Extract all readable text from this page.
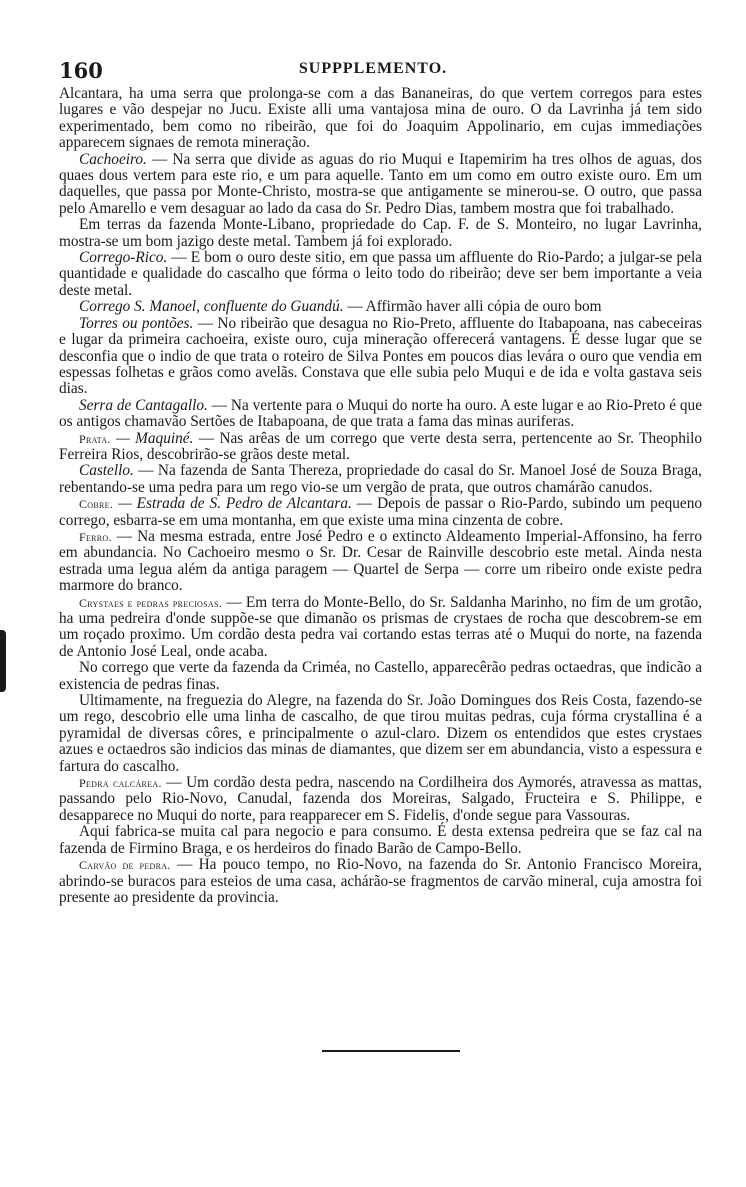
160	SUPPPLEMENTO.

Alcantara, ha uma serra que prolonga-se com a das Bananeiras, do que vertem corregos para estes lugares e vão despejar no Jucu. Existe alli uma vantajosa mina de ouro. O da Lavrinha já tem sido experimentado, bem como no ribeirão, que foi do Joaquim Appolinario, em cujas immediações apparecem signaes de remota mineração.

Cachoeiro. — Na serra que divide as aguas do rio Muqui e Itapemirim ha tres olhos de aguas, dos quaes dous vertem para este rio, e um para aquelle. Tanto em um como em outro existe ouro. Em um daquelles, que passa por Monte-Christo, mostra-se que antigamente se minerou-se. O outro, que passa pelo Amarello e vem desaguar ao lado da casa do Sr. Pedro Dias, tambem mostra que foi trabalhado.

Em terras da fazenda Monte-Libano, propriedade do Cap. F. de S. Monteiro, no lugar Lavrinha, mostra-se um bom jazigo deste metal. Tambem já foi explorado.

Corrego-Rico. — E bom o ouro deste sitio, em que passa um affluente do Rio-Pardo; a julgar-se pela quantidade e qualidade do cascalho que fórma o leito todo do ribeirão; deve ser bem importante a veia deste metal.

Corrego S. Manoel, confluente do Guandú. — Affirmão haver alli cópia de ouro bom

Torres ou pontões. — No ribeirão que desagua no Rio-Preto, affluente do Itabapoana, nas cabeceiras e lugar da primeira cachoeira, existe ouro, cuja mineração offerecerá vantagens. É desse lugar que se desconfia que o indio de que trata o roteiro de Silva Pontes em poucos dias levára o ouro que vendia em espessas folhetas e grãos como avelãs. Constava que elle subia pelo Muqui e de ida e volta gastava seis dias.

Serra de Cantagallo. — Na vertente para o Muqui do norte ha ouro. A este lugar e ao Rio-Preto é que os antigos chamavão Sertões de Itabapoana, de que trata a fama das minas auriferas.

Prata. — Maquiné. — Nas arêas de um corrego que verte desta serra, pertencente ao Sr. Theophilo Ferreira Rios, descobrirão-se grãos deste metal.

Castello. — Na fazenda de Santa Thereza, propriedade do casal do Sr. Manoel José de Souza Braga, rebentando-se uma pedra para um rego vio-se um vergão de prata, que outros chamárão canudos.

Cobre. — Estrada de S. Pedro de Alcantara. — Depois de passar o Rio-Pardo, subindo um pequeno corrego, esbarra-se em uma montanha, em que existe uma mina cinzenta de cobre.

Ferro. — Na mesma estrada, entre José Pedro e o extincto Aldeamento Imperial-Affonsino, ha ferro em abundancia. No Cachoeiro mesmo o Sr. Dr. Cesar de Rainville descobrio este metal. Ainda nesta estrada uma legua além da antiga paragem — Quartel de Serpa — corre um ribeiro onde existe pedra marmore do branco.

Crystaes e pedras preciosas. — Em terra do Monte-Bello, do Sr. Saldanha Marinho, no fim de um grotão, ha uma pedreira d'onde suppõe-se que dimanão os prismas de crystaes de rocha que descobrem-se em um roçado proximo. Um cordão desta pedra vai cortando estas terras até o Muqui do norte, na fazenda de Antonio José Leal, onde acaba.

No corrego que verte da fazenda da Criméa, no Castello, apparecêrão pedras octaedras, que indicão a existencia de pedras finas.

Ultimamente, na freguezia do Alegre, na fazenda do Sr. João Domingues dos Reis Costa, fazendo-se um rego, descobrio elle uma linha de cascalho, de que tirou muitas pedras, cuja fórma crystallina é a pyramidal de diversas côres, e principalmente o azul-claro. Dizem os entendidos que estes crystaes azues e octaedros são indicios das minas de diamantes, que dizem ser em abundancia, visto a espessura e fartura do cascalho.

Pedra calcárea. — Um cordão desta pedra, nascendo na Cordilheira dos Aymorés, atravessa as mattas, passando pelo Rio-Novo, Canudal, fazenda dos Moreiras, Salgado, Fructeira e S. Philippe, e desapparece no Muqui do norte, para reapparecer em S. Fidelis, d'onde segue para Vassouras.

Aqui fabrica-se muita cal para negocio e para consumo. É desta extensa pedreira que se faz cal na fazenda de Firmino Braga, e os herdeiros do finado Barão de Campo-Bello.

Carvão de pedra. — Ha pouco tempo, no Rio-Novo, na fazenda do Sr. Antonio Francisco Moreira, abrindo-se buracos para esteios de uma casa, achárão-se fragmentos de carvão mineral, cuja amostra foi presente ao presidente da provincia.
